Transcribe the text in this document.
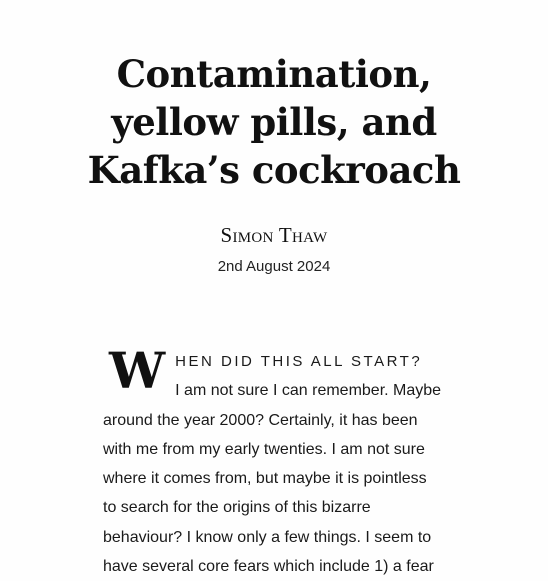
Contamination,
yellow pills, and
Kafka’s cockroach
Simon Thaw
2nd August 2024
W HEN DID THIS ALL START?
I am not sure I can remember. Maybe
around the year 2000? Certainly, it has been
with me from my early twenties. I am not sure
where it comes from, but maybe it is pointless
to search for the origins of this bizarre
behaviour? I know only a few things. I seem to
have several core fears which include 1) a fear
